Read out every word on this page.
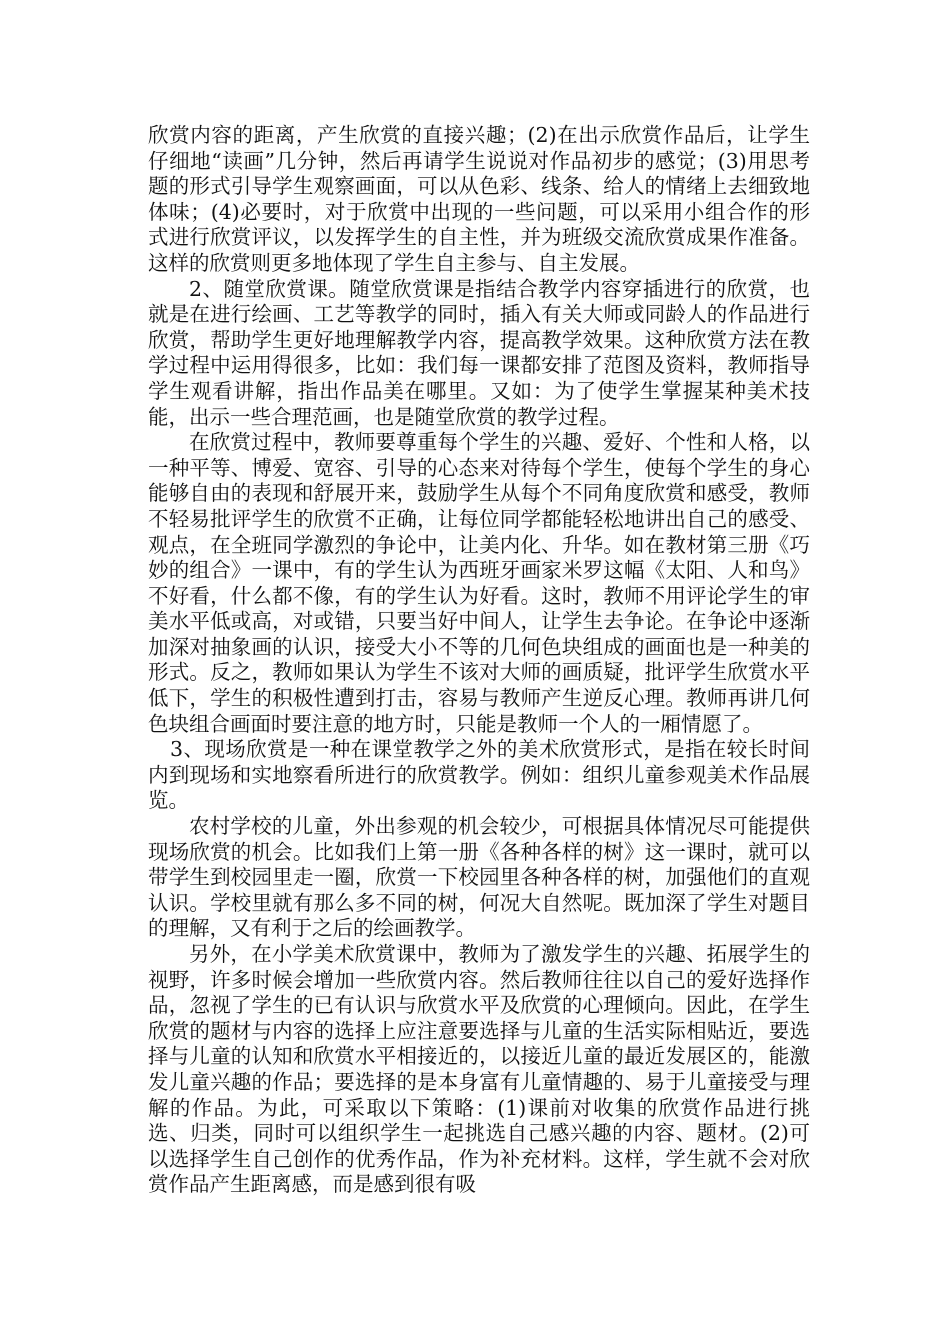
欣赏内容的距离，产生欣赏的直接兴趣；(2)在出示欣赏作品后，让学生仔细地“读画”几分钟，然后再请学生说说对作品初步的感觉；(3)用思考题的形式引导学生观察画面，可以从色彩、线条、给人的情绪上去细致地体味；(4)必要时，对于欣赏中出现的一些问题，可以采用小组合作的形式进行欣赏评议，以发挥学生的自主性，并为班级交流欣赏成果作准备。这样的欣赏则更多地体现了学生自主参与、自主发展。

2、随堂欣赏课。随堂欣赏课是指结合教学内容穿插进行的欣赏，也就是在进行绘画、工艺等教学的同时，插入有关大师或同龄人的作品进行欣赏，帮助学生更好地理解教学内容，提高教学效果。这种欣赏方法在教学过程中运用得很多，比如：我们每一课都安排了范图及资料，教师指导学生观看讲解，指出作品美在哪里。又如：为了使学生掌握某种美术技能，出示一些合理范画，也是随堂欣赏的教学过程。

在欣赏过程中，教师要尊重每个学生的兴趣、爱好、个性和人格，以一种平等、博爱、宽容、引导的心态来对待每个学生，使每个学生的身心能够自由的表现和舒展开来，鼓励学生从每个不同角度欣赏和感受，教师不轻易批评学生的欣赏不正确，让每位同学都能轻松地讲出自己的感受、观点，在全班同学激烈的争论中，让美内化、升华。如在教材第三册《巧妙的组合》一课中，有的学生认为西班牙画家米罗这幅《太阳、人和鸟》不好看，什么都不像，有的学生认为好看。这时，教师不用评论学生的审美水平低或高，对或错，只要当好中间人，让学生去争论。在争论中逐渐加深对抽象画的认识，接受大小不等的几何色块组成的画面也是一种美的形式。反之，教师如果认为学生不该对大师的画质疑，批评学生欣赏水平低下，学生的积极性遭到打击，容易与教师产生逆反心理。教师再讲几何色块组合画面时要注意的地方时，只能是教师一个人的一厢情愿了。

3、现场欣赏是一种在课堂教学之外的美术欣赏形式，是指在较长时间内到现场和实地察看所进行的欣赏教学。例如：组织儿童参观美术作品展览。

农村学校的儿童，外出参观的机会较少，可根据具体情况尽可能提供现场欣赏的机会。比如我们上第一册《各种各样的树》这一课时，就可以带学生到校园里走一圈，欣赏一下校园里各种各样的树，加强他们的直观认识。学校里就有那么多不同的树，何况大自然呢。既加深了学生对题目的理解，又有利于之后的绘画教学。

另外，在小学美术欣赏课中，教师为了激发学生的兴趣、拓展学生的视野，许多时候会增加一些欣赏内容。然后教师往往以自己的爱好选择作品，忽视了学生的已有认识与欣赏水平及欣赏的心理倾向。因此，在学生欣赏的题材与内容的选择上应注意要选择与儿童的生活实际相贴近，要选择与儿童的认知和欣赏水平相接近的，以接近儿童的最近发展区的，能激发儿童兴趣的作品；要选择的是本身富有儿童情趣的、易于儿童接受与理解的作品。为此，可采取以下策略：(1)课前对收集的欣赏作品进行挑选、归类，同时可以组织学生一起挑选自己感兴趣的内容、题材。(2)可以选择学生自己创作的优秀作品，作为补充材料。这样，学生就不会对欣赏作品产生距离感，而是感到很有吸
